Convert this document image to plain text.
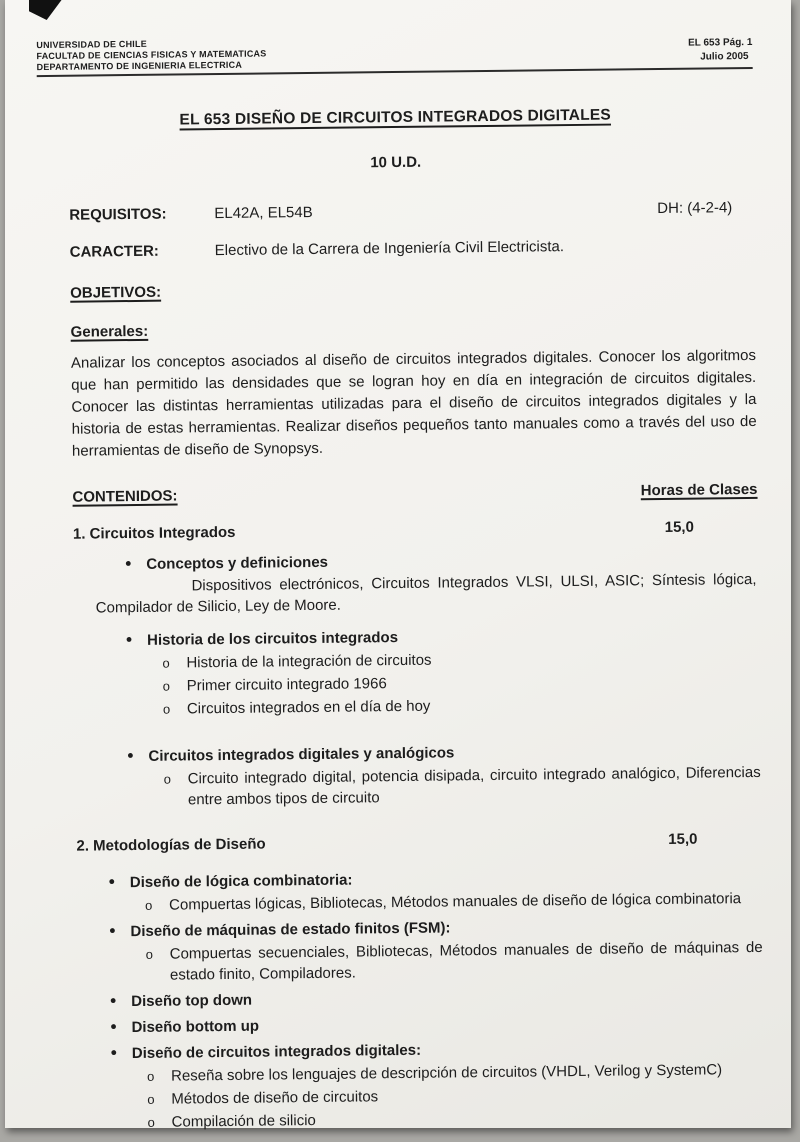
UNIVERSIDAD DE CHILE
FACULTAD DE CIENCIAS FISICAS Y MATEMATICAS
DEPARTAMENTO DE INGENIERIA ELECTRICA
EL 653 Pág. 1
Julio 2005
EL 653 DISEÑO DE CIRCUITOS INTEGRADOS DIGITALES
10 U.D.
REQUISITOS:	EL42A, EL54B	DH: (4-2-4)
CARACTER:	Electivo de la Carrera de Ingeniería Civil Electricista.
OBJETIVOS:
Generales:
Analizar los conceptos asociados al diseño de circuitos integrados digitales. Conocer los algoritmos que han permitido las densidades que se logran hoy en día en integración de circuitos digitales. Conocer las distintas herramientas utilizadas para el diseño de circuitos integrados digitales y la historia de estas herramientas. Realizar diseños pequeños tanto manuales como a través del uso de herramientas de diseño de Synopsys.
CONTENIDOS:	Horas de Clases
1. Circuitos Integrados	15,0
• Conceptos y definiciones
Dispositivos electrónicos, Circuitos Integrados VLSI, ULSI, ASIC; Síntesis lógica, Compilador de Silicio, Ley de Moore.
• Historia de los circuitos integrados
o Historia de la integración de circuitos
o Primer circuito integrado 1966
o Circuitos integrados en el día de hoy
• Circuitos integrados digitales y analógicos
o Circuito integrado digital, potencia disipada, circuito integrado analógico, Diferencias entre ambos tipos de circuito
2. Metodologías de Diseño	15,0
• Diseño de lógica combinatoria:
o Compuertas lógicas, Bibliotecas, Métodos manuales de diseño de lógica combinatoria
• Diseño de máquinas de estado finitos (FSM):
o Compuertas secuenciales, Bibliotecas, Métodos manuales de diseño de máquinas de estado finito, Compiladores.
• Diseño top down
• Diseño bottom up
• Diseño de circuitos integrados digitales:
o Reseña sobre los lenguajes de descripción de circuitos (VHDL, Verilog y SystemC)
o Métodos de diseño de circuitos
o Compilación de silicio
